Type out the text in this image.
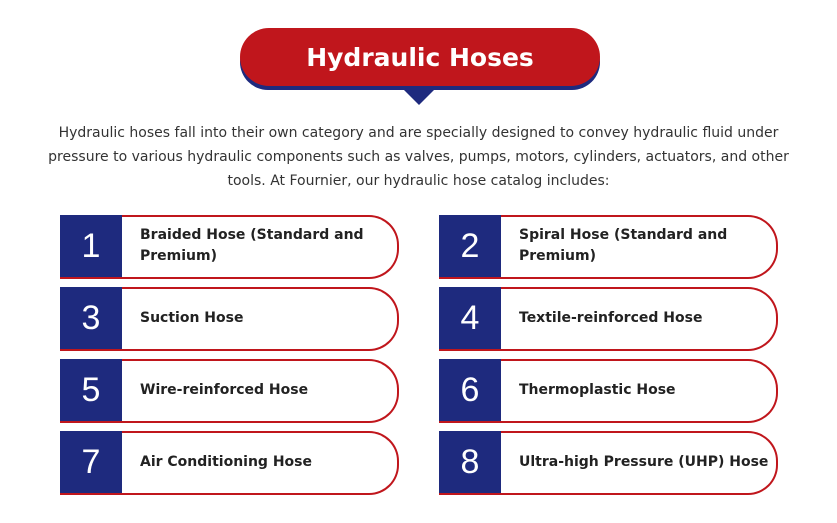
Hydraulic Hoses
Hydraulic hoses fall into their own category and are specially designed to convey hydraulic fluid under pressure to various hydraulic components such as valves, pumps, motors, cylinders, actuators, and other tools. At Fournier, our hydraulic hose catalog includes:
1	Braided Hose (Standard and Premium)
3	Suction Hose
5	Wire-reinforced Hose
7	Air Conditioning Hose
2	Spiral Hose (Standard and Premium)
4	Textile-reinforced Hose
6	Thermoplastic Hose
8	Ultra-high Pressure (UHP) Hose
